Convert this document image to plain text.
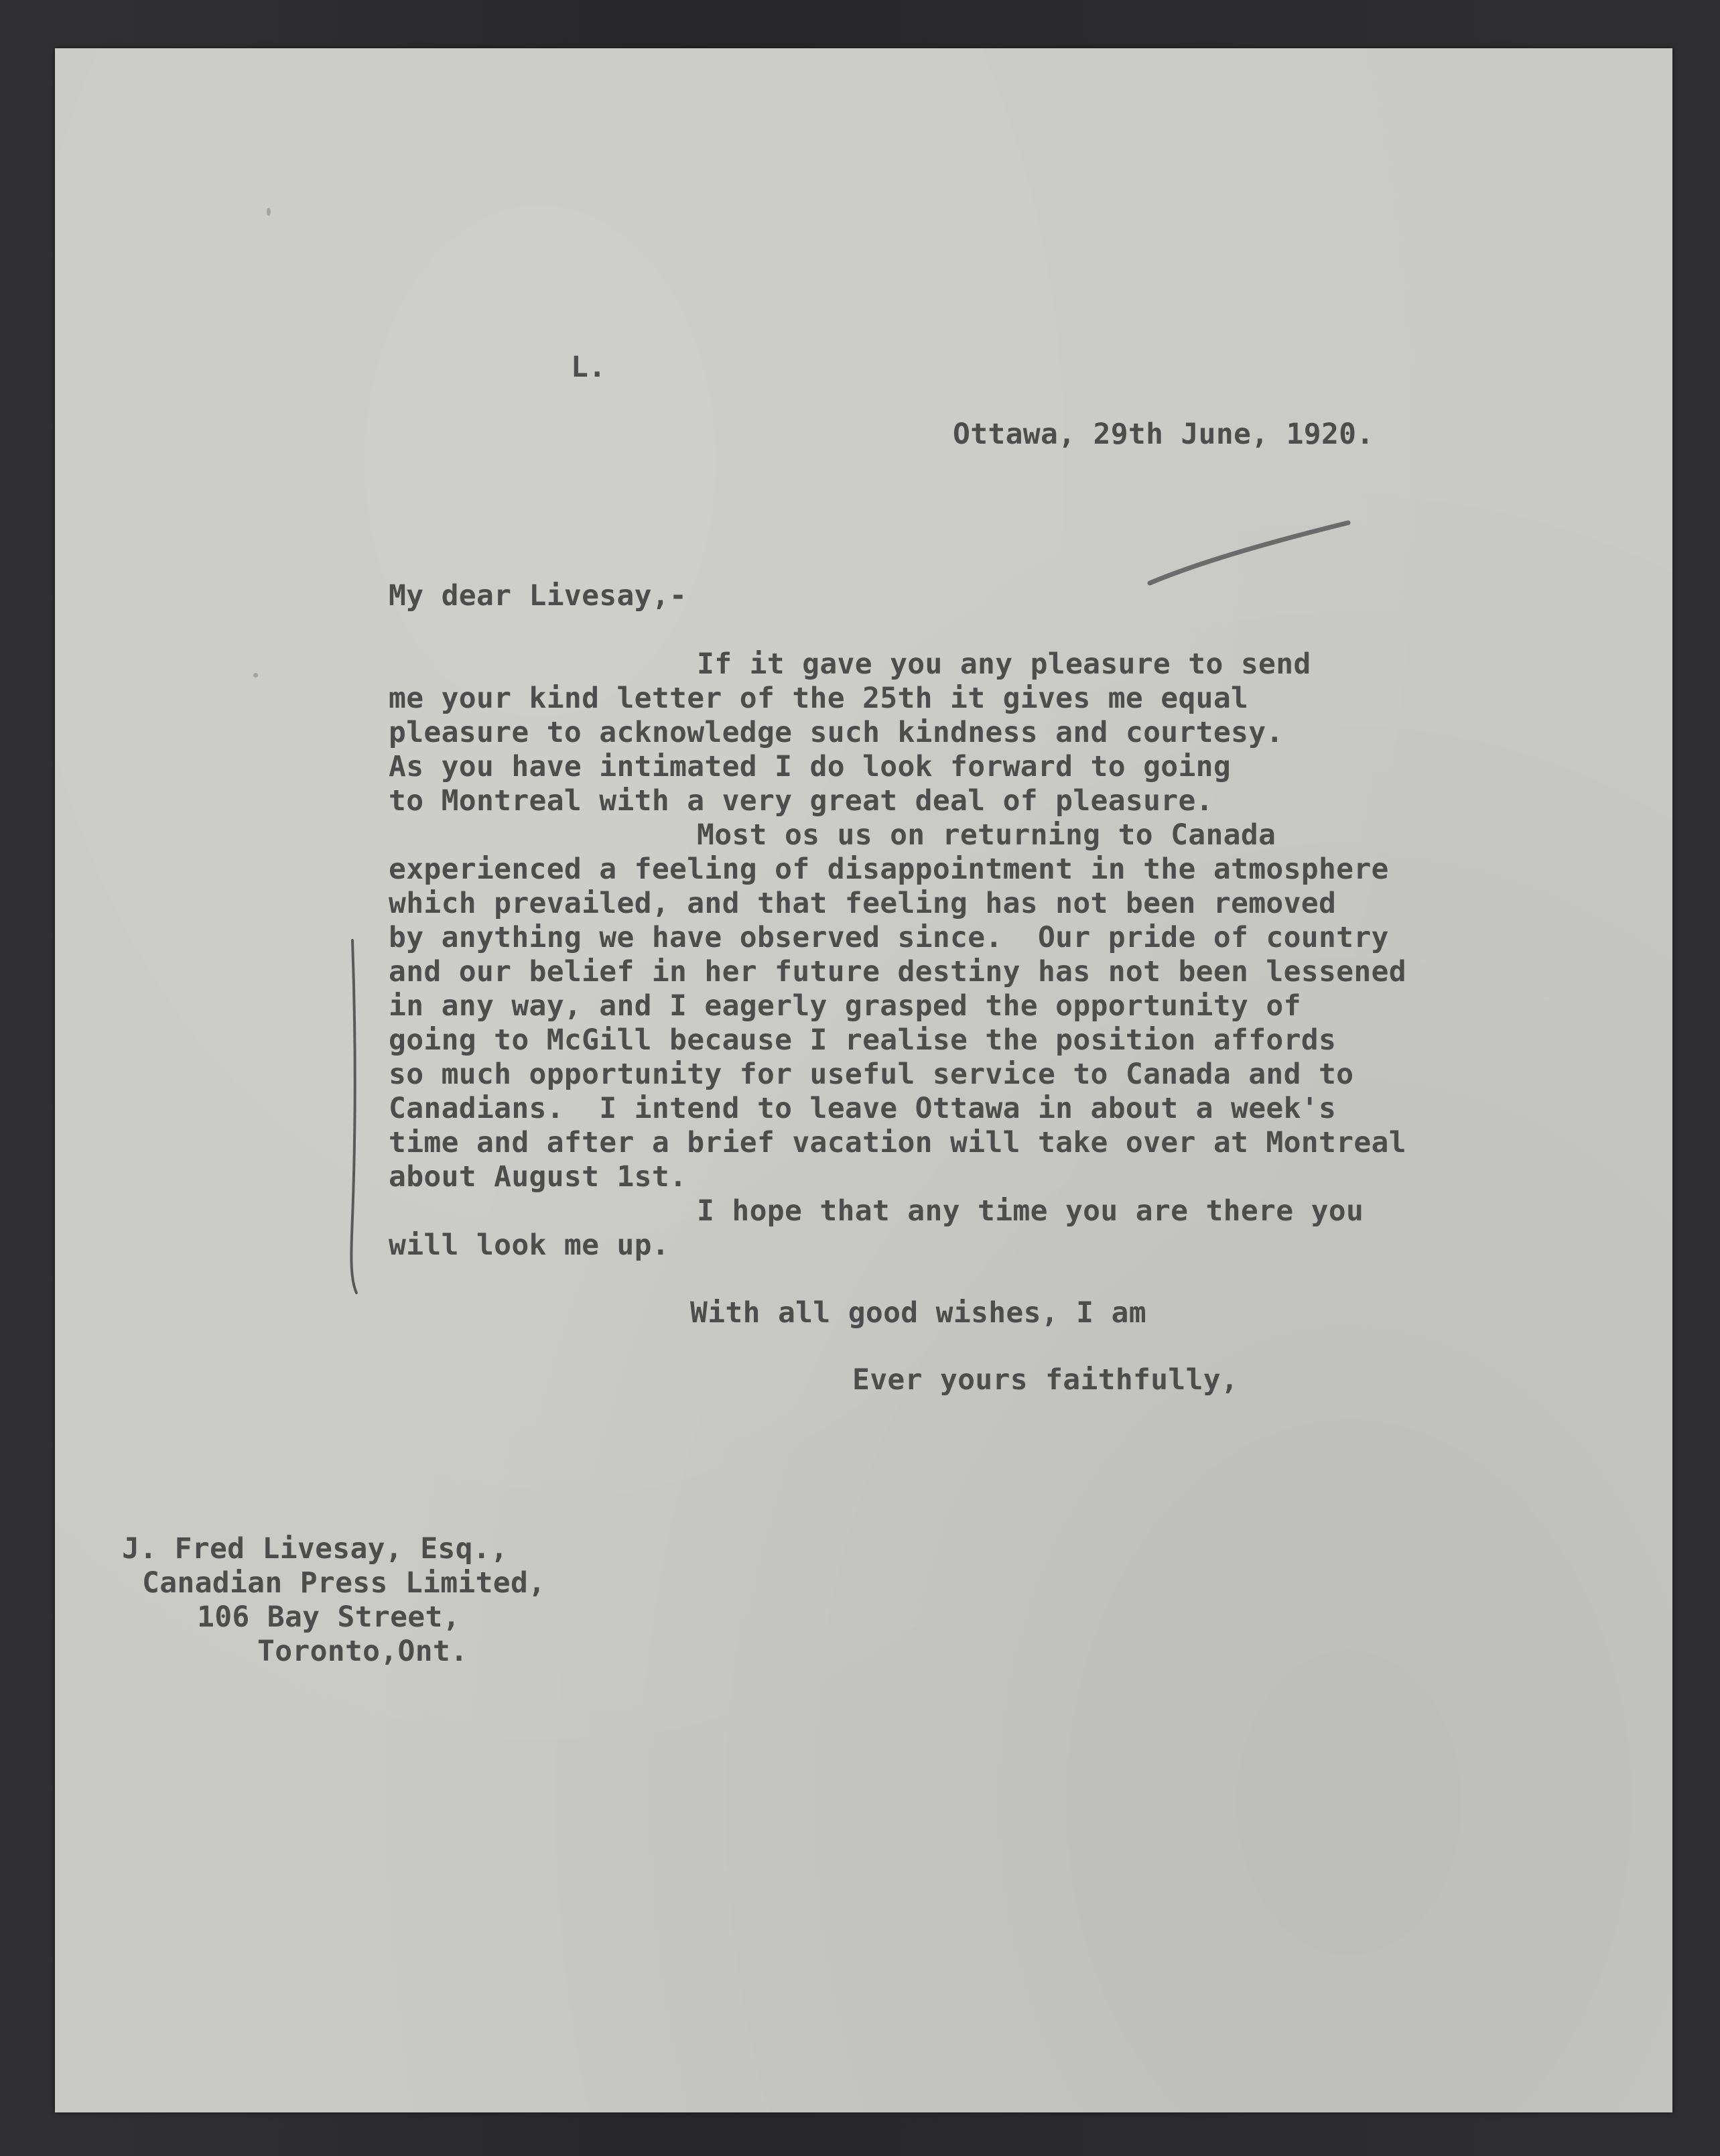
L.

Ottawa, 29th June, 1920.

My dear Livesay,-

If it gave you any pleasure to send

me your kind letter of the 25th it gives me equal

pleasure to acknowledge such kindness and courtesy.

As you have intimated I do look forward to going

to Montreal with a very great deal of pleasure.

Most os us on returning to Canada

experienced a feeling of disappointment in the atmosphere

which prevailed, and that feeling has not been removed

by anything we have observed since.  Our pride of country

and our belief in her future destiny has not been lessened

in any way, and I eagerly grasped the opportunity of

going to McGill because I realise the position affords

so much opportunity for useful service to Canada and to

Canadians.  I intend to leave Ottawa in about a week's

time and after a brief vacation will take over at Montreal

about August 1st.

I hope that any time you are there you

will look me up.

With all good wishes, I am

Ever yours faithfully,

J. Fred Livesay, Esq.,

Canadian Press Limited,

106 Bay Street,

Toronto,Ont.
